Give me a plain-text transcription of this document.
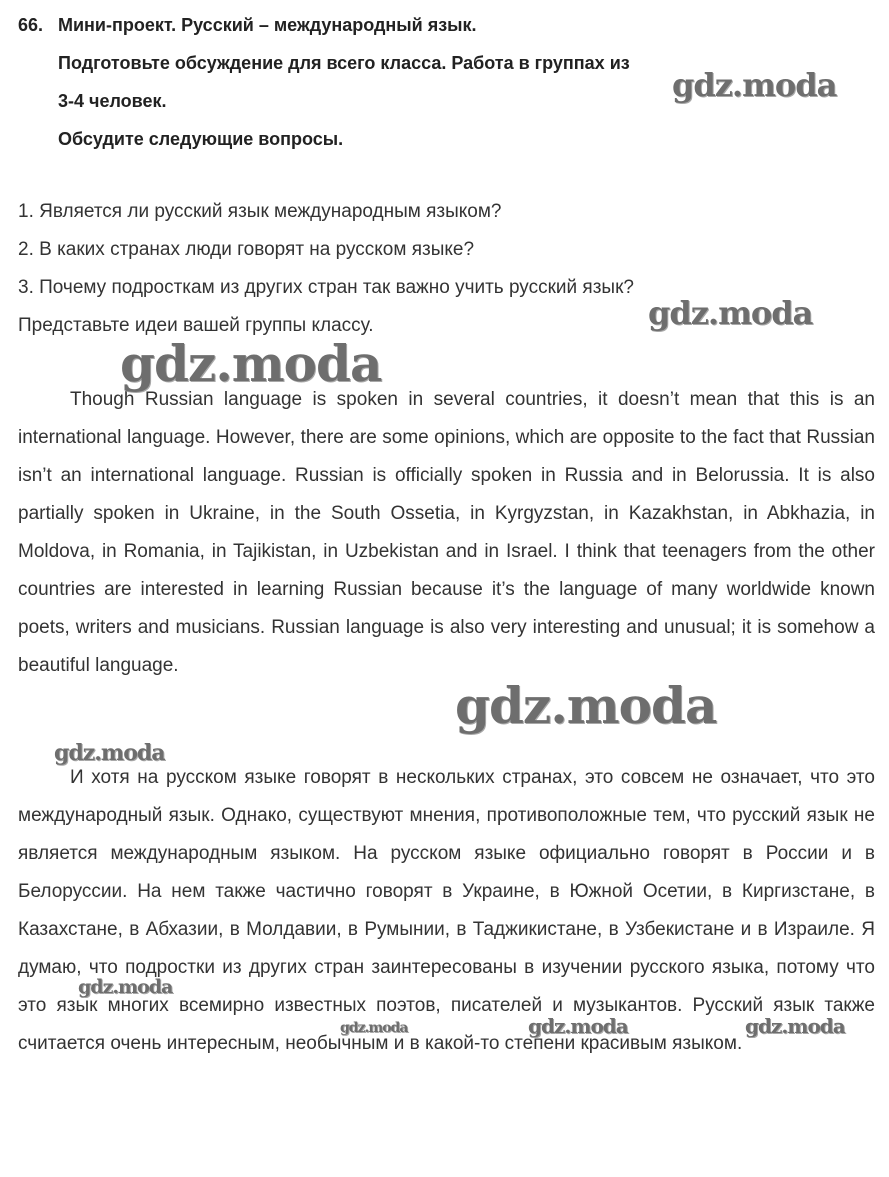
66. Мини-проект. Русский – международный язык.
Подготовьте обсуждение для всего класса. Работа в группах из
3-4 человек.
Обсудите следующие вопросы.
1. Является ли русский язык международным языком?
2. В каких странах люди говорят на русском языке?
3. Почему подросткам из других стран так важно учить русский язык?
Представьте идеи вашей группы классу.
Though Russian language is spoken in several countries, it doesn’t mean that this is an international language. However, there are some opinions, which are opposite to the fact that Russian isn’t an international language. Russian is officially spoken in Russia and in Belorussia. It is also partially spoken in Ukraine, in the South Ossetia, in Kyrgyzstan, in Kazakhstan, in Abkhazia, in Moldova, in Romania, in Tajikistan, in Uzbekistan and in Israel. I think that teenagers from the other countries are interested in learning Russian because it’s the language of many worldwide known poets, writers and musicians. Russian language is also very interesting and unusual; it is somehow a beautiful language.
И хотя на русском языке говорят в нескольких странах, это совсем не означает, что это международный язык. Однако, существуют мнения, противоположные тем, что русский язык не является международным языком. На русском языке официально говорят в России и в Белоруссии. На нем также частично говорят в Украине, в Южной Осетии, в Киргизстане, в Казахстане, в Абхазии, в Молдавии, в Румынии, в Таджикистане, в Узбекистане и в Израиле. Я думаю, что подростки из других стран заинтересованы в изучении русского языка, потому что это язык многих всемирно известных поэтов, писателей и музыкантов. Русский язык также считается очень интересным, необычным и в какой-то степени красивым языком.
gdz.moda
gdz.moda
gdz.moda
gdz.moda
gdz.moda
gdz.moda
gdz.moda	gdz.moda	gdz.moda
